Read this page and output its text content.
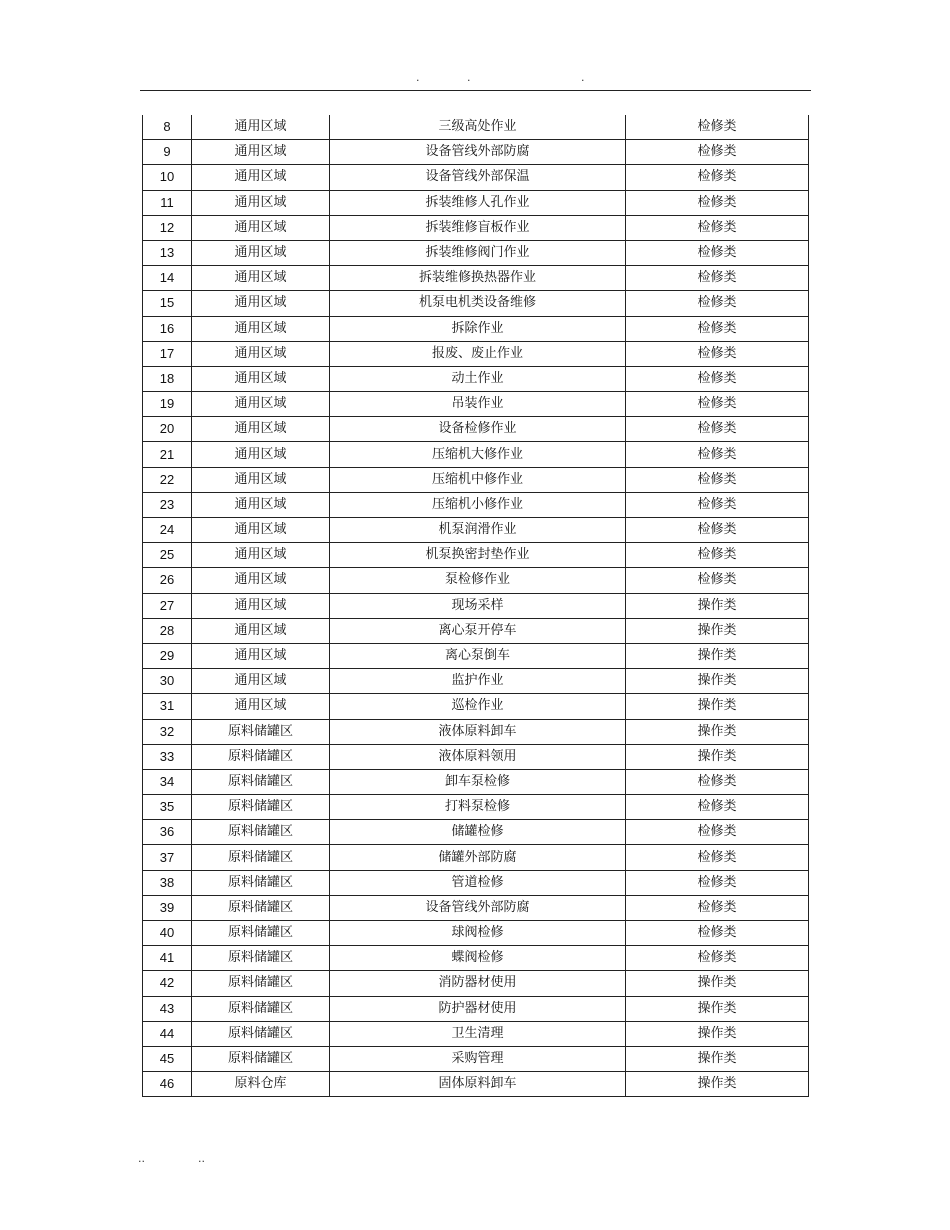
.	.	.
8	通用区域	三级高处作业	检修类
9	通用区域	设备管线外部防腐	检修类
10	通用区域	设备管线外部保温	检修类
11	通用区域	拆装维修人孔作业	检修类
12	通用区域	拆装维修盲板作业	检修类
13	通用区域	拆装维修阀门作业	检修类
14	通用区域	拆装维修换热器作业	检修类
15	通用区域	机泵电机类设备维修	检修类
16	通用区域	拆除作业	检修类
17	通用区域	报废、废止作业	检修类
18	通用区域	动土作业	检修类
19	通用区域	吊装作业	检修类
20	通用区域	设备检修作业	检修类
21	通用区域	压缩机大修作业	检修类
22	通用区域	压缩机中修作业	检修类
23	通用区域	压缩机小修作业	检修类
24	通用区域	机泵润滑作业	检修类
25	通用区域	机泵换密封垫作业	检修类
26	通用区域	泵检修作业	检修类
27	通用区域	现场采样	操作类
28	通用区域	离心泵开停车	操作类
29	通用区域	离心泵倒车	操作类
30	通用区域	监护作业	操作类
31	通用区域	巡检作业	操作类
32	原料储罐区	液体原料卸车	操作类
33	原料储罐区	液体原料领用	操作类
34	原料储罐区	卸车泵检修	检修类
35	原料储罐区	打料泵检修	检修类
36	原料储罐区	储罐检修	检修类
37	原料储罐区	储罐外部防腐	检修类
38	原料储罐区	管道检修	检修类
39	原料储罐区	设备管线外部防腐	检修类
40	原料储罐区	球阀检修	检修类
41	原料储罐区	蝶阀检修	检修类
42	原料储罐区	消防器材使用	操作类
43	原料储罐区	防护器材使用	操作类
44	原料储罐区	卫生清理	操作类
45	原料储罐区	采购管理	操作类
46	原料仓库	固体原料卸车	操作类
..	..
